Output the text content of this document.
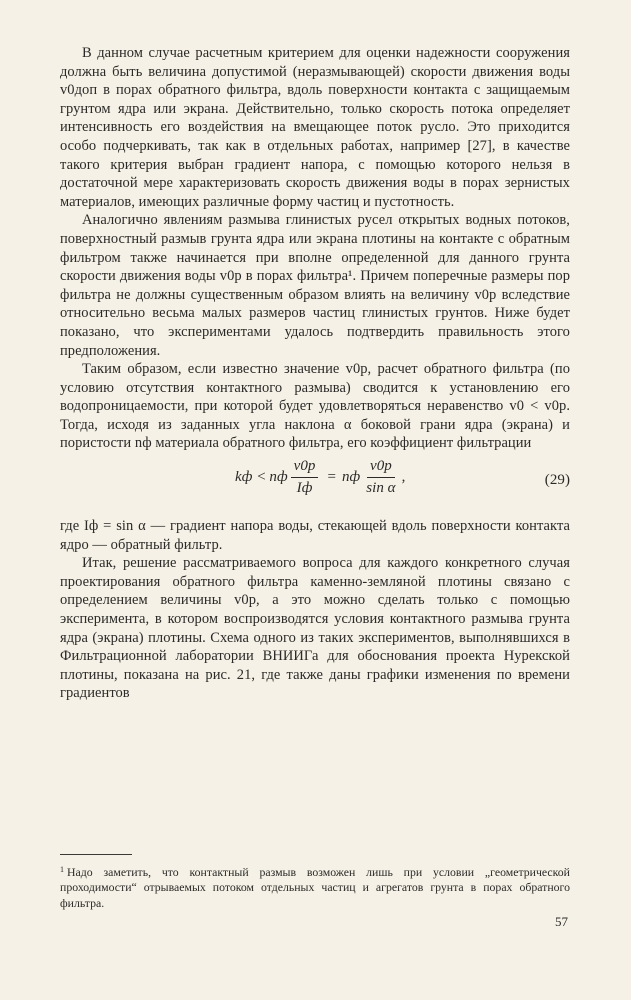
В данном случае расчетным критерием для оценки надежности сооружения должна быть величина допустимой (неразмывающей) скорости движения воды v0доп в порах обратного фильтра, вдоль поверхности контакта с защищаемым грунтом ядра или экрана. Действительно, только скорость потока определяет интенсивность его воздействия на вмещающее поток русло. Это приходится особо подчеркивать, так как в отдельных работах, например [27], в качестве такого критерия выбран градиент напора, с помощью которого нельзя в достаточной мере характеризовать скорость движения воды в порах зернистых материалов, имеющих различные форму частиц и пустотность.

Аналогично явлениям размыва глинистых русел открытых водных потоков, поверхностный размыв грунта ядра или экрана плотины на контакте с обратным фильтром также начинается при вполне определенной для данного грунта скорости движения воды v0р в порах фильтра¹. Причем поперечные размеры пор фильтра не должны существенным образом влиять на величину v0р вследствие относительно весьма малых размеров частиц глинистых грунтов. Ниже будет показано, что экспериментами удалось подтвердить правильность этого предположения.

Таким образом, если известно значение v0р, расчет обратного фильтра (по условию отсутствия контактного размыва) сводится к установлению его водопроницаемости, при которой будет удовлетворяться неравенство v0 < v0р. Тогда, исходя из заданных угла наклона α боковой грани ядра (экрана) и пористости nф материала обратного фильтра, его коэффициент фильтрации

kф < nф $\frac{v0р}{Iф}$ = nф $\frac{v0р}{\text{sin α}}$ ,	(29)

где Iф = sin α — градиент напора воды, стекающей вдоль поверхности контакта ядро — обратный фильтр.

Итак, решение рассматриваемого вопроса для каждого конкретного случая проектирования обратного фильтра каменно-земляной плотины связано с определением величины v0р, а это можно сделать только с помощью эксперимента, в котором воспроизводятся условия контактного размыва грунта ядра (экрана) плотины. Схема одного из таких экспериментов, выполнявшихся в Фильтрационной лаборатории ВНИИГа для обоснования проекта Нурекской плотины, показана на рис. 21, где также даны графики изменения по времени градиентов

$^1$ Надо заметить, что контактный размыв возможен лишь при условии „геометрической проходимости“ отрываемых потоком отдельных частиц и агрегатов грунта в порах обратного фильтра.
57
